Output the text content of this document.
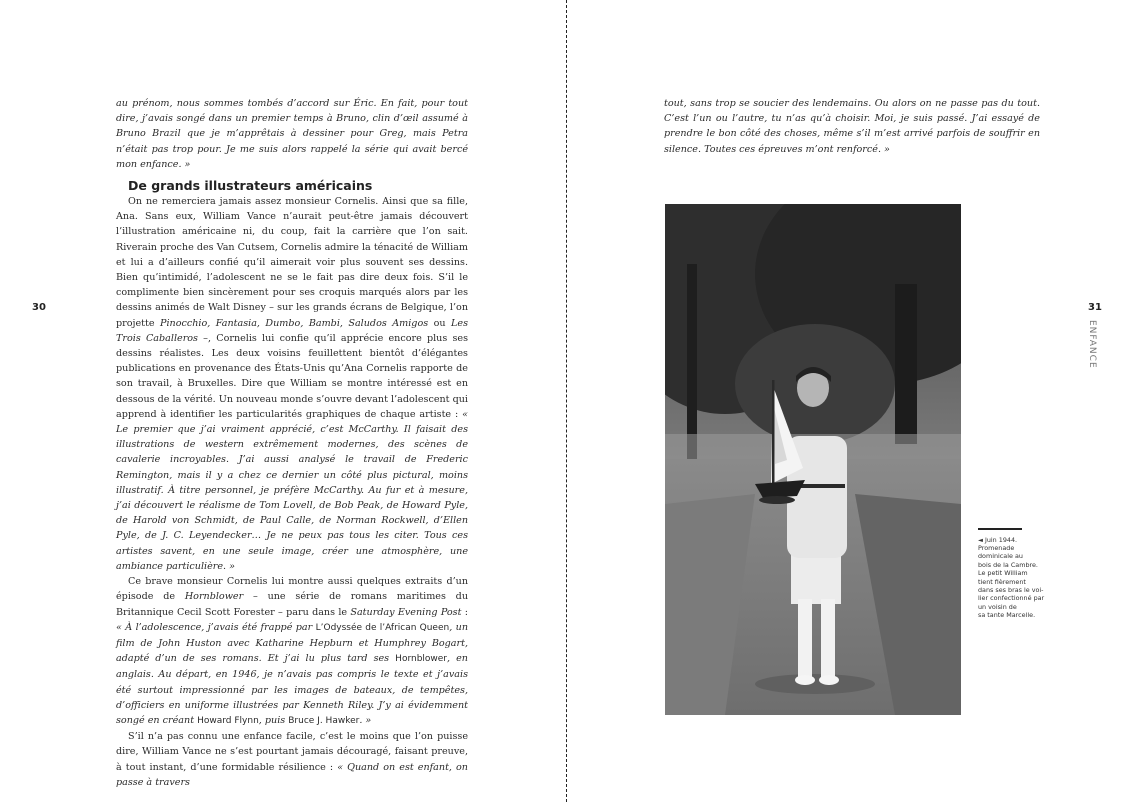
30

au prénom, nous sommes tombés d’accord sur Éric. En fait, pour tout dire, j’avais songé dans un premier temps à Bruno, clin d’œil assumé à Bruno Brazil que je m’apprêtais à dessiner pour Greg, mais Petra n’était pas trop pour. Je me suis alors rappelé la série qui avait bercé mon enfance. »

De grands illustrateurs américains

On ne remerciera jamais assez monsieur Cornelis. Ainsi que sa fille, Ana. Sans eux, William Vance n’aurait peut-être jamais découvert l’illustration américaine ni, du coup, fait la carrière que l’on sait. Riverain proche des Van Cutsem, Cornelis admire la ténacité de William et lui a d’ailleurs confié qu’il aimerait voir plus souvent ses dessins. Bien qu’intimidé, l’adolescent ne se le fait pas dire deux fois. S’il le complimente bien sincèrement pour ses croquis marqués alors par les dessins animés de Walt Disney – sur les grands écrans de Belgique, l’on projette Pinocchio, Fantasia, Dumbo, Bambi, Saludos Amigos ou Les Trois Caballeros –, Cornelis lui confie qu’il apprécie encore plus ses dessins réalistes. Les deux voisins feuillettent bientôt d’élégantes publications en provenance des États-Unis qu’Ana Cornelis rapporte de son travail, à Bruxelles. Dire que William se montre intéressé est en dessous de la vérité. Un nouveau monde s’ouvre devant l’adolescent qui apprend à identifier les particularités graphiques de chaque artiste : « Le premier que j’ai vraiment apprécié, c’est McCarthy. Il faisait des illustrations de western extrêmement modernes, des scènes de cavalerie incroyables. J’ai aussi analysé le travail de Frederic Remington, mais il y a chez ce dernier un côté plus pictural, moins illustratif. À titre personnel, je préfère McCarthy. Au fur et à mesure, j’ai découvert le réalisme de Tom Lovell, de Bob Peak, de Howard Pyle, de Harold von Schmidt, de Paul Calle, de Norman Rockwell, d’Ellen Pyle, de J. C. Leyendecker… Je ne peux pas tous les citer. Tous ces artistes savent, en une seule image, créer une atmosphère, une ambiance particulière. »

Ce brave monsieur Cornelis lui montre aussi quelques extraits d’un épisode de Hornblower – une série de romans maritimes du Britannique Cecil Scott Forester – paru dans le Saturday Evening Post : « À l’adolescence, j’avais été frappé par L’Odyssée de l’African Queen, un film de John Huston avec Katharine Hepburn et Humphrey Bogart, adapté d’un de ses romans. Et j’ai lu plus tard ses Hornblower, en anglais. Au départ, en 1946, je n’avais pas compris le texte et j’avais été surtout impressionné par les images de bateaux, de tempêtes, d’officiers en uniforme illustrées par Kenneth Riley. J’y ai évidemment songé en créant Howard Flynn, puis Bruce J. Hawker. »

S’il n’a pas connu une enfance facile, c’est le moins que l’on puisse dire, William Vance ne s’est pourtant jamais découragé, faisant preuve, à tout instant, d’une formidable résilience : « Quand on est enfant, on passe à travers

tout, sans trop se soucier des lendemains. Ou alors on ne passe pas du tout. C’est l’un ou l’autre, tu n’as qu’à choisir. Moi, je suis passé. J’ai essayé de prendre le bon côté des choses, même s’il m’est arrivé parfois de souffrir en silence. Toutes ces épreuves m’ont renforcé. »
◄ Juin 1944.
Promenade
dominicale au
bois de la Cambre.
Le petit William
tient fièrement
dans ses bras le voi-
lier confectionné par
un voisin de
sa tante Marcelle.
31
ENFANCE
